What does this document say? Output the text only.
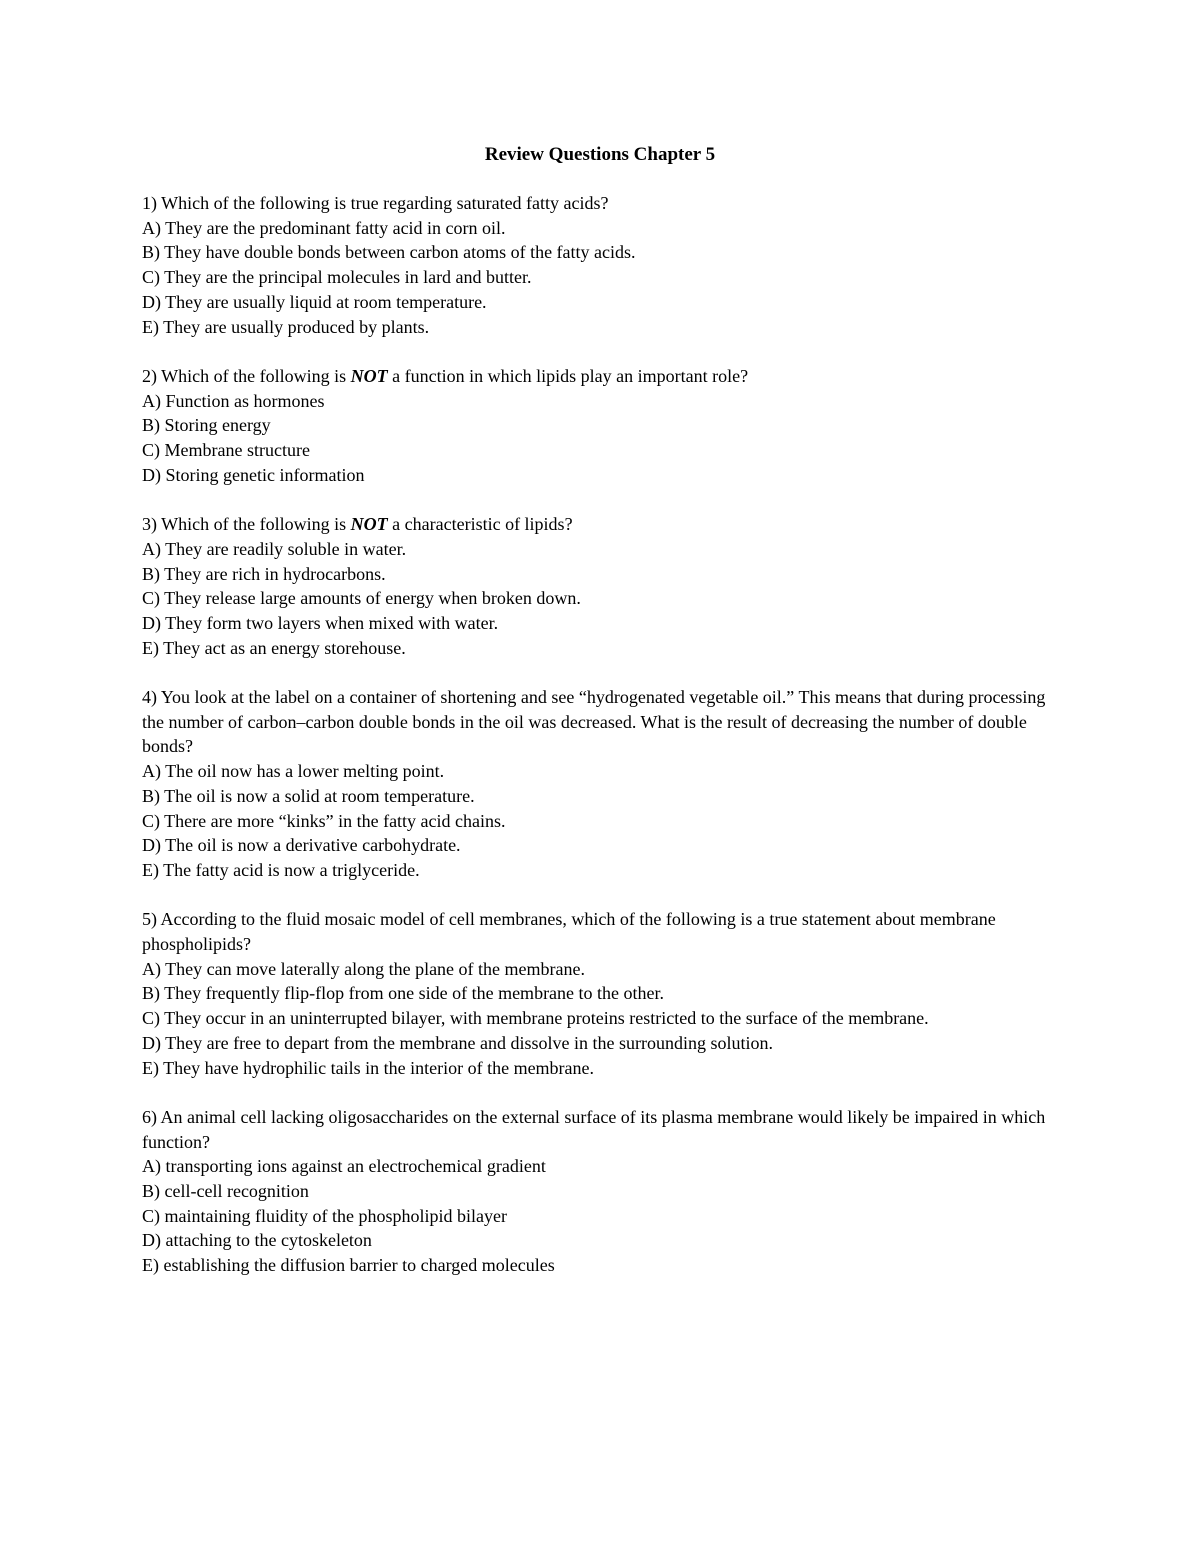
Review Questions Chapter 5

1) Which of the following is true regarding saturated fatty acids?

A) They are the predominant fatty acid in corn oil.

B) They have double bonds between carbon atoms of the fatty acids.

C) They are the principal molecules in lard and butter.

D) They are usually liquid at room temperature.

E) They are usually produced by plants.

2) Which of the following is NOT a function in which lipids play an important role?

A) Function as hormones

B) Storing energy

C) Membrane structure

D) Storing genetic information

3) Which of the following is NOT a characteristic of lipids?

A) They are readily soluble in water.

B) They are rich in hydrocarbons.

C) They release large amounts of energy when broken down.

D) They form two layers when mixed with water.

E) They act as an energy storehouse.

4) You look at the label on a container of shortening and see “hydrogenated vegetable oil.” This means that during processing the number of carbon–carbon double bonds in the oil was decreased. What is the result of decreasing the number of double bonds?

A) The oil now has a lower melting point.

B) The oil is now a solid at room temperature.

C) There are more “kinks” in the fatty acid chains.

D) The oil is now a derivative carbohydrate.

E) The fatty acid is now a triglyceride.

5) According to the fluid mosaic model of cell membranes, which of the following is a true statement about membrane phospholipids?

A) They can move laterally along the plane of the membrane.

B) They frequently flip-flop from one side of the membrane to the other.

C) They occur in an uninterrupted bilayer, with membrane proteins restricted to the surface of the membrane.

D) They are free to depart from the membrane and dissolve in the surrounding solution.

E) They have hydrophilic tails in the interior of the membrane.

6) An animal cell lacking oligosaccharides on the external surface of its plasma membrane would likely be impaired in which function?

A) transporting ions against an electrochemical gradient

B) cell-cell recognition

C) maintaining fluidity of the phospholipid bilayer

D) attaching to the cytoskeleton

E) establishing the diffusion barrier to charged molecules
